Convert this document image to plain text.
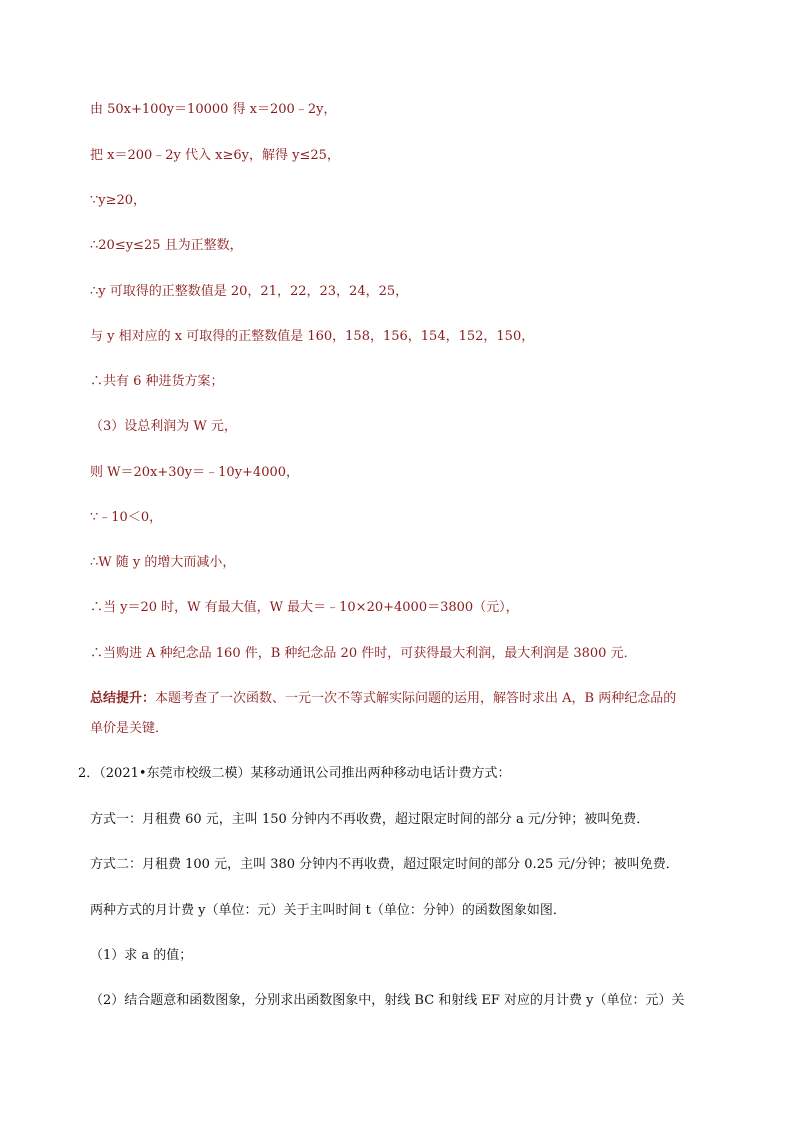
由 50x+100y＝10000 得 x＝200﹣2y，
把 x＝200﹣2y 代入 x≥6y，解得 y≤25，
∵y≥20，
∴20≤y≤25 且为正整数，
∴y 可取得的正整数值是 20，21，22，23，24，25，
与 y 相对应的 x 可取得的正整数值是 160，158，156，154，152，150，
∴共有 6 种进货方案；
（3）设总利润为 W 元，
则 W＝20x+30y＝﹣10y+4000，
∵﹣10＜0，
∴W 随 y 的增大而减小，
∴当 y＝20 时，W 有最大值，W 最大＝﹣10×20+4000＝3800（元），
∴当购进 A 种纪念品 160 件，B 种纪念品 20 件时，可获得最大利润，最大利润是 3800 元．
总结提升：本题考查了一次函数、一元一次不等式解实际问题的运用，解答时求出 A，B 两种纪念品的
单价是关键．
2．（2021•东莞市校级二模）某移动通讯公司推出两种移动电话计费方式：
方式一：月租费 60 元，主叫 150 分钟内不再收费，超过限定时间的部分 a 元/分钟；被叫免费．
方式二：月租费 100 元，主叫 380 分钟内不再收费，超过限定时间的部分 0.25 元/分钟；被叫免费．
两种方式的月计费 y（单位：元）关于主叫时间 t（单位：分钟）的函数图象如图．
（1）求 a 的值；
（2）结合题意和函数图象，分别求出函数图象中，射线 BC 和射线 EF 对应的月计费 y（单位：元）关
